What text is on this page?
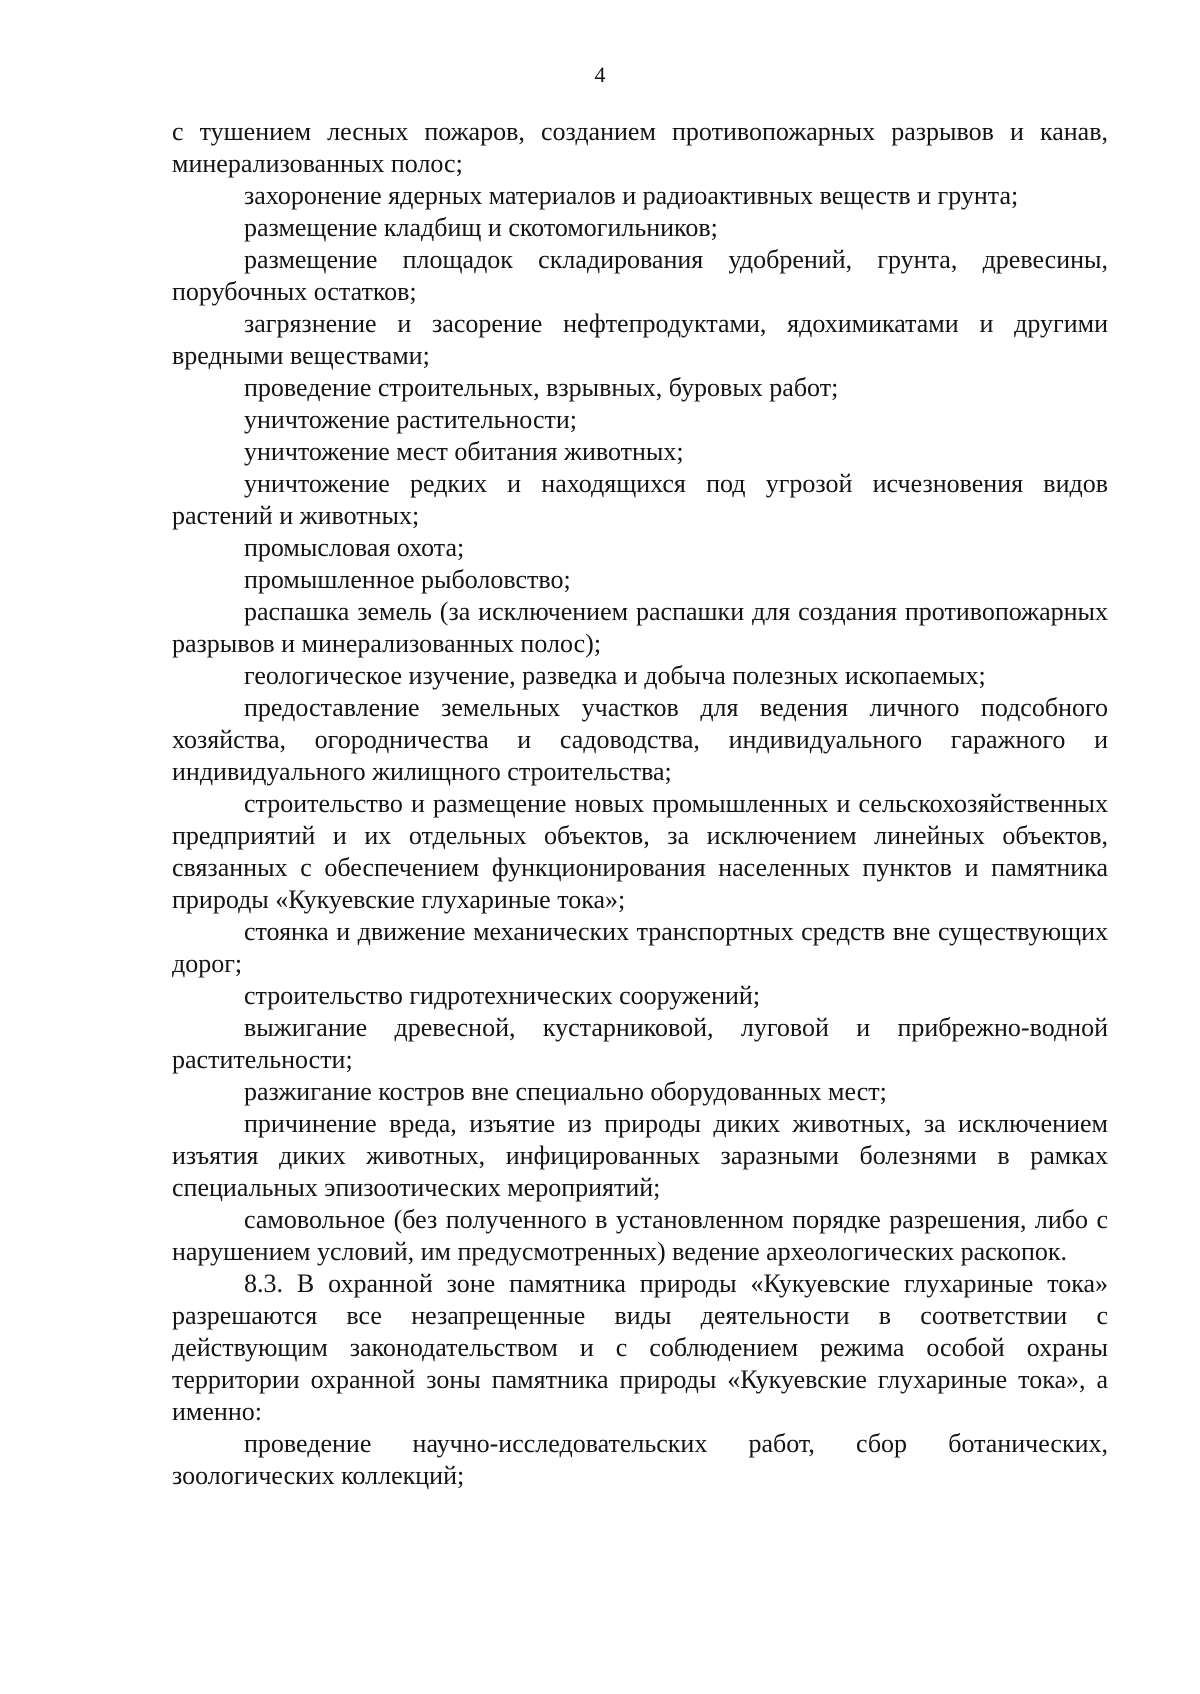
4

с тушением лесных пожаров, созданием противопожарных разрывов и канав, минерализованных полос;

захоронение ядерных материалов и радиоактивных веществ и грунта;

размещение кладбищ и скотомогильников;

размещение площадок складирования удобрений, грунта, древесины, порубочных остатков;

загрязнение и засорение нефтепродуктами, ядохимикатами и другими вредными веществами;

проведение строительных, взрывных, буровых работ;

уничтожение растительности;

уничтожение мест обитания животных;

уничтожение редких и находящихся под угрозой исчезновения видов растений и животных;

промысловая охота;

промышленное рыболовство;

распашка земель (за исключением распашки для создания противопожарных разрывов и минерализованных полос);

геологическое изучение, разведка и добыча полезных ископаемых;

предоставление земельных участков для ведения личного подсобного хозяйства, огородничества и садоводства, индивидуального гаражного и индивидуального жилищного строительства;

строительство и размещение новых промышленных и сельскохозяйственных предприятий и их отдельных объектов, за исключением линейных объектов, связанных с обеспечением функционирования населенных пунктов и памятника природы «Кукуевские глухариные тока»;

стоянка и движение механических транспортных средств вне существующих дорог;

строительство гидротехнических сооружений;

выжигание древесной, кустарниковой, луговой и прибрежно-водной растительности;

разжигание костров вне специально оборудованных мест;

причинение вреда, изъятие из природы диких животных, за исключением изъятия диких животных, инфицированных заразными болезнями в рамках специальных эпизоотических мероприятий;

самовольное (без полученного в установленном порядке разрешения, либо с нарушением условий, им предусмотренных) ведение археологических раскопок.

8.3. В охранной зоне памятника природы «Кукуевские глухариные тока» разрешаются все незапрещенные виды деятельности в соответствии с действующим законодательством и с соблюдением режима особой охраны территории охранной зоны памятника природы «Кукуевские глухариные тока», а именно:

проведение научно-исследовательских работ, сбор ботанических, зоологических коллекций;
